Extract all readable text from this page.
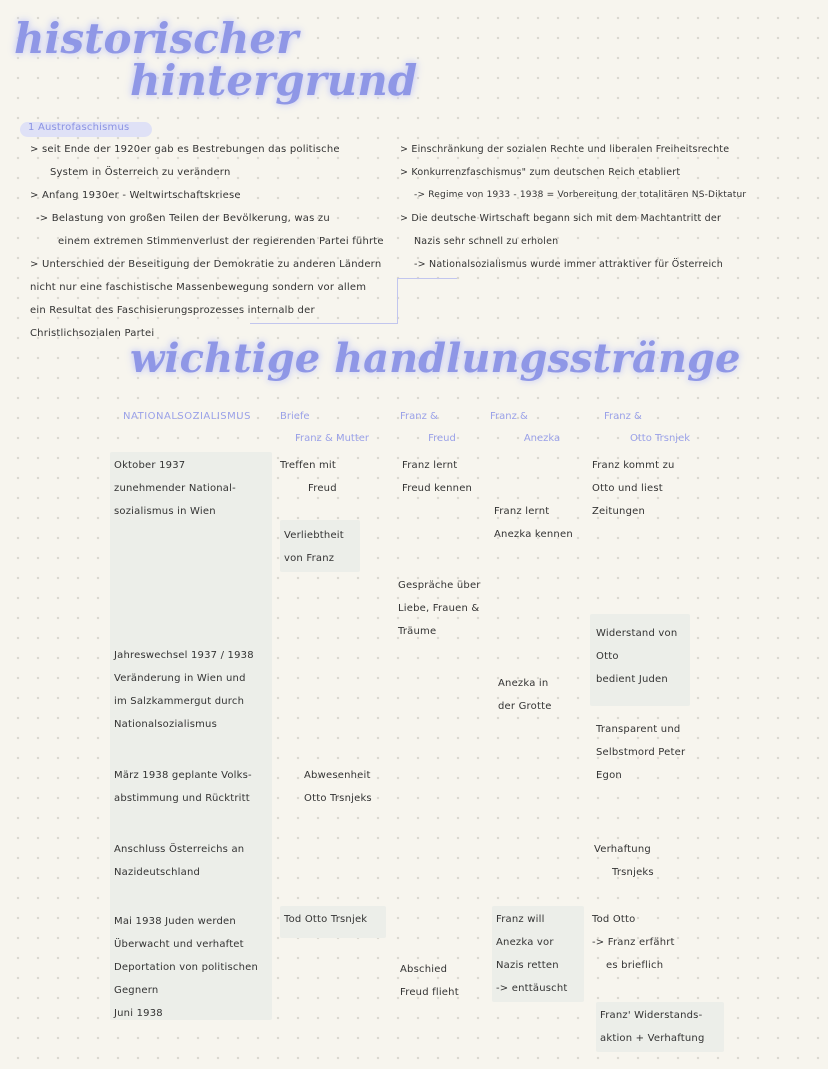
historischer
hintergrund
1 Austrofaschismus
> seit Ende der 1920er gab es Bestrebungen das politische
System in Österreich zu verändern
> Anfang 1930er - Weltwirtschaftskriese
-> Belastung von großen Teilen der Bevölkerung, was zu
einem extremen Stimmenverlust der regierenden Partei führte
> Unterschied der Beseitigung der Demokratie zu anderen Ländern
nicht nur eine faschistische Massenbewegung sondern vor allem
ein Resultat des Faschisierungsprozesses internalb der
Christlichsozialen Partei
> Einschränkung der sozialen Rechte und liberalen Freiheitsrechte
> Konkurrenzfaschismus" zum deutschen Reich etabliert
-> Regime von 1933 - 1938 = Vorbereitung der totalitären NS-Diktatur
> Die deutsche Wirtschaft begann sich mit dem Machtantritt der
Nazis sehr schnell zu erholen
-> Nationalsozialismus wurde immer attraktiver für Österreich
wichtige handlungsstränge
NATIONALSOZIALISMUS	Briefe
Franz & Mutter
Franz &
Freud
Franz &
Anezka
Franz &
Otto Trsnjek
Oktober 1937
zunehmender National-
sozialismus in Wien
Jahreswechsel 1937 / 1938
Veränderung in Wien und
im Salzkammergut durch
Nationalsozialismus
März 1938 geplante Volks-
abstimmung und Rücktritt
Anschluss Österreichs an
Nazideutschland
Mai 1938 Juden werden
Überwacht und verhaftet
Deportation von politischen
Gegnern
Juni 1938
Treffen mit
Freud
Verliebtheit
von Franz
Abwesenheit
Otto Trsnjeks
Tod Otto Trsnjek
Franz lernt
Freud kennen
Gespräche über
Liebe, Frauen &
Träume
Abschied
Freud flieht
Franz lernt
Anezka kennen
Anezka in
der Grotte
Franz will
Anezka vor
Nazis retten
-> enttäuscht
Franz kommt zu
Otto und liest
Zeitungen
Widerstand von
Otto
bedient Juden
Transparent und
Selbstmord Peter
Egon
Verhaftung
Trsnjeks
Tod Otto
-> Franz erfährt
es brieflich
Franz' Widerstands-
aktion + Verhaftung
